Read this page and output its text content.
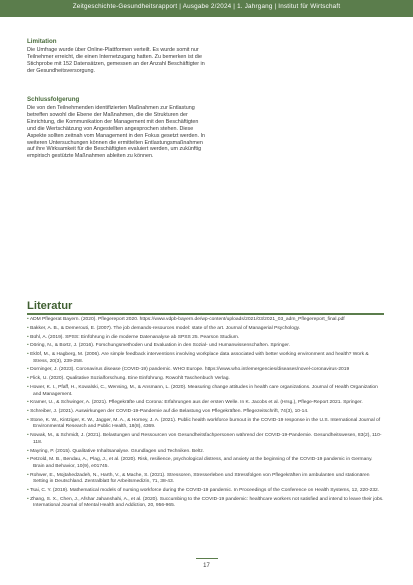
Zeitgeschichte-Gesundheitsrapport | Ausgabe 2/2024 | 1. Jahrgang | Institut für Wirtschaft
Limitation

Die Umfrage wurde über Online-Plattformen verteilt. Es wurde somit nur Teilnehmer erreicht, die einen Internetzugang hatten. Zu bemerken ist die Stichprobe mit 152 Datensätzen, gemessen an der Anzahl Beschäftigter in der Gesundheitsversorgung.

Schlussfolgerung

Die von den Teilnehmenden identifizierten Maßnahmen zur Entlastung betreffen sowohl die Ebene der Maßnahmen, die die Strukturen der Einrichtung, die Kommunikation der Management mit den Beschäftigten und die Wertschätzung von Angestellten angesprochen stehen. Diese Aspekte sollten zeitnah vom Management in den Fokus gesetzt werden. In weiteren Untersuchungen können die ermittelten Entlastungsmaßnahmen auf ihre Wirksamkeit für die Beschäftigten evaluiert werden, um zukünftig empirisch gestützte Maßnahmen ableiten zu können.

Literatur
• ADM Pflegerat Bayern. (2020). Pflegereport 2020. https://www.vdpb-bayern.de/wp-content/uploads/2021/03/2021_03_adm_Pflegereport_final.pdf
• Bakker, A. B., & Demerouti, E. (2007). The job demands-resources model: state of the art. Journal of Managerial Psychology.
• Bühl, A. (2019). SPSS: Einführung in die moderne Datenanalyse ab SPSS 25. Pearson Studium.
• Döring, N., & Bortz, J. (2016). Forschungsmethoden und Evaluation in den Sozial- und Humanwissenschaften. Springer.
• Eklöf, M., & Hagberg, M. (2006). Are simple feedback interventions involving workplace data associated with better working environment and health? Work & Stress, 20(3), 239-258.
• Dorninger, J. (2023). Coronavirus disease (COVID-19) pandemic. WHO Europe. https://www.who.int/emergencies/diseases/novel-coronavirus-2019
• Flick, U. (2020). Qualitative Sozialforschung. Eine Einführung. Rowohlt Taschenbuch Verlag.
• Hower, K. I., Pfaff, H., Kowalski, C., Wensing, M., & Ansmann, L. (2020). Measuring change attitudes in health care organizations. Journal of Health Organization and Management.
• Kramer, U., & Schwinger, A. (2021). Pflegekräfte und Corona: Erfahrungen aus der ersten Welle. In K. Jacobs et al. (Hrsg.), Pflege-Report 2021. Springer.
• Schreiber, J. (2021). Auswirkungen der COVID-19-Pandemie auf die Belastung von Pflegekräften. Pflegezeitschrift, 74(3), 10-14.
• Stone, K. W., Kintziger, K. W., Jagger, M. A., & Horney, J. A. (2021). Public health workforce burnout in the COVID-19 response in the U.S. International Journal of Environmental Research and Public Health, 18(8), 4369.
• Nowak, M., & Schmidt, J. (2021). Belastungen und Ressourcen von Gesundheitsfachpersonen während der COVID-19-Pandemie. Gesundheitswesen, 83(2), 110-118.
• Mayring, P. (2015). Qualitative Inhaltsanalyse. Grundlagen und Techniken. Beltz.
• Petzold, M. B., Bendau, A., Plag, J., et al. (2020). Risk, resilience, psychological distress, and anxiety at the beginning of the COVID-19 pandemic in Germany. Brain and Behavior, 10(9), e01745.
• Rohwer, E., Mojtahedzadeh, N., Harth, V., & Mache, S. (2021). Stressoren, Stresserleben und Stressfolgen von Pflegekräften im ambulanten und stationären Setting in Deutschland. Zentralblatt für Arbeitsmedizin, 71, 38-43.
• Tsai, C. Y. (2019). Mathematical models of nursing workforce during the COVID-19 pandemic. In Proceedings of the Conference on Health Systems, 12, 220-232.
• Zhang, S. X., Chen, J., Afshar Jahanshahi, A., et al. (2020). Succumbing to the COVID-19 pandemic: healthcare workers not satisfied and intend to leave their jobs. International Journal of Mental Health and Addiction, 20, 956-965.
17
